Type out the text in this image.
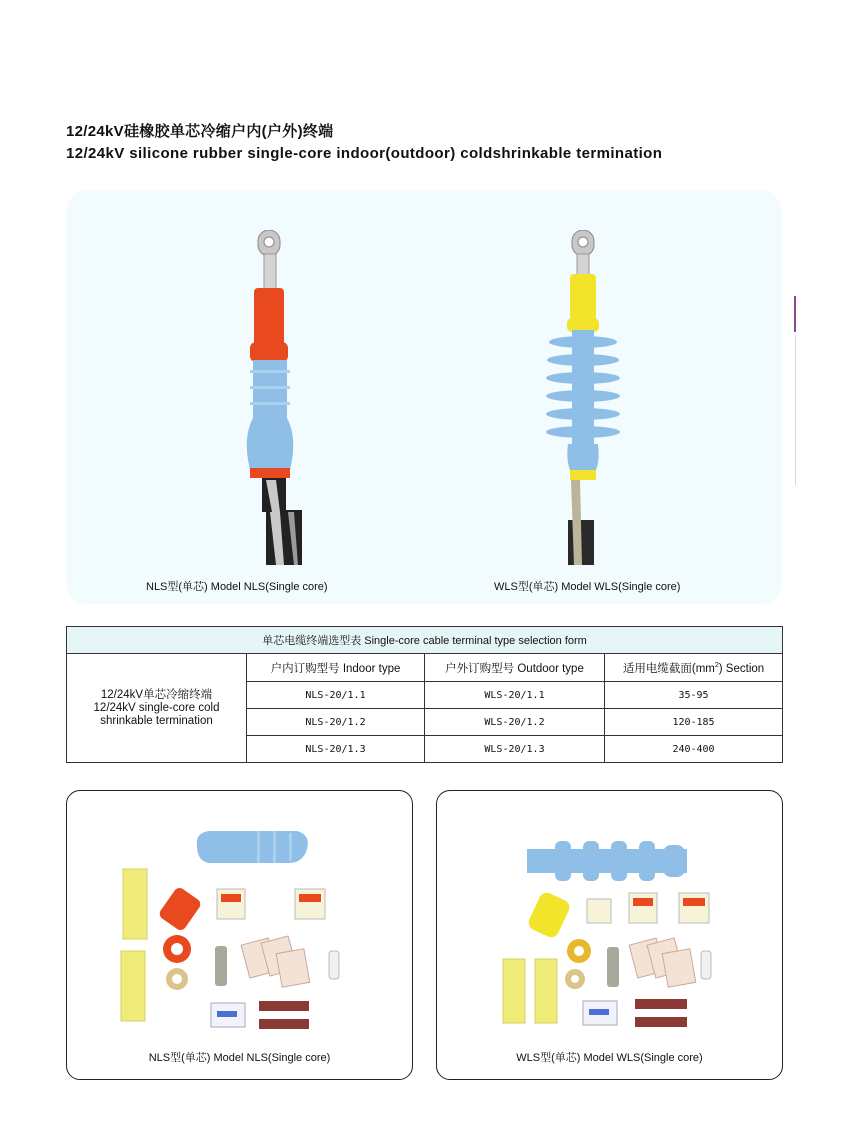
12/24kV硅橡胶单芯冷缩户内(户外)终端
12/24kV silicone rubber single-core indoor(outdoor) coldshrinkable termination
NLS型(单芯) Model NLS(Single core)	WLS型(单芯) Model WLS(Single core)
单芯电缆终端选型表 Single-core cable terminal type selection form			
12/24kV单芯冷缩终端
12/24kV single-core cold
shrinkable termination	户内订购型号 Indoor type	户外订购型号 Outdoor type	适用电缆截面$(mm^2)$ Section
	NLS-20/1.1	WLS-20/1.1	35-95
	NLS-20/1.2	WLS-20/1.2	120-185
	NLS-20/1.3	WLS-20/1.3	240-400
NLS型(单芯) Model NLS(Single core)	WLS型(单芯) Model WLS(Single core)
